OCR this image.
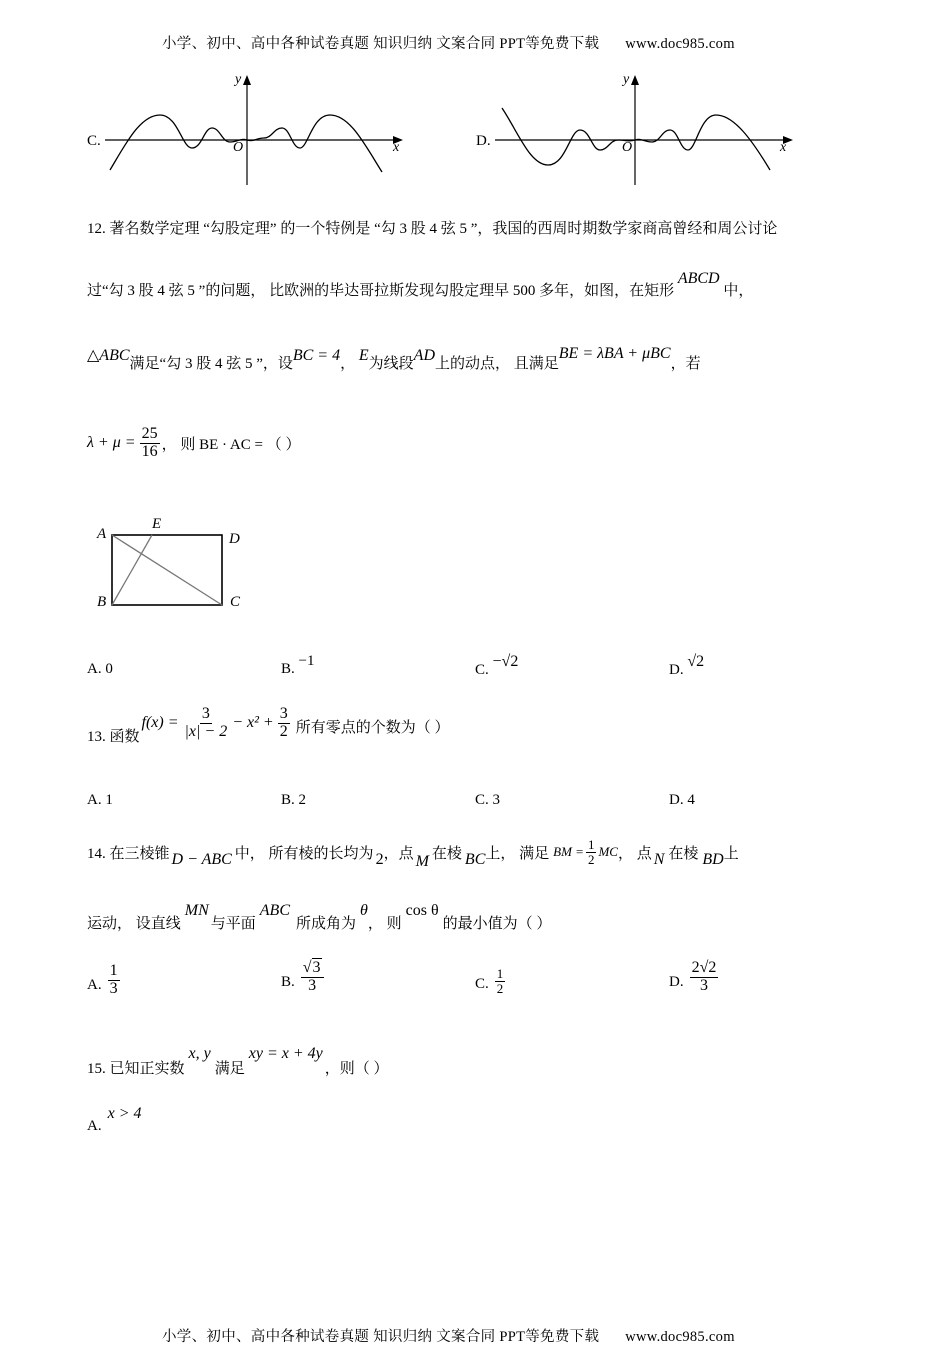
小学、初中、高中各种试卷真题 知识归纳 文案合同 PPT等免费下载 www.doc985.com
C.
y
x
O	D.
y
x
O
12. 著名数学定理 “勾股定理” 的一个特例是 “勾 3 股 4 弦 5 ”，我国的西周时期数学家商高曾经和周公讨论
过“勾 3 股 4 弦 5 ”的问题， 比欧洲的毕达哥拉斯发现勾股定理早 500 多年，如图，在矩形 ABCD 中，
△ABC满足“勾 3 股 4 弦 5 ”，设BC = 4， E为线段AD上的动点， 且满足BE = λBA + μBC，若
$\lambda + \mu = \frac{25}{16}$ ， 则 BE · AC = （ ）
A
E
D
B	C
A. 0	B. −1
C. −√2	D. √2
13. 函数
$f(x) = \frac{3}{|x| - 2} - x^2 + \frac{3}{2}$ 所有零点的个数为（ ）
A. 1	B. 2	C. 3	D. 4
14. 在三棱锥 D − ABC 中， 所有棱的长均为 2 ，点 M 在棱 BC 上， 满足 BM = $\frac{1}{2}$ MC ， 点 N 在棱 BD 上
运动， 设直线
MN
与平面
ABC
所成角为
θ
， 则
cos θ
的最小值为（ ）
A. $\frac{1}{3}$	B. $\frac{√3}{3}$	C. $\frac{1}{2}$	D. $\frac{2√2}{3}$
15. 已知正实数
x, y
满足
xy = x + 4y
，则（ ）
A.
x > 4
小学、初中、高中各种试卷真题 知识归纳 文案合同 PPT等免费下载 www.doc985.com
